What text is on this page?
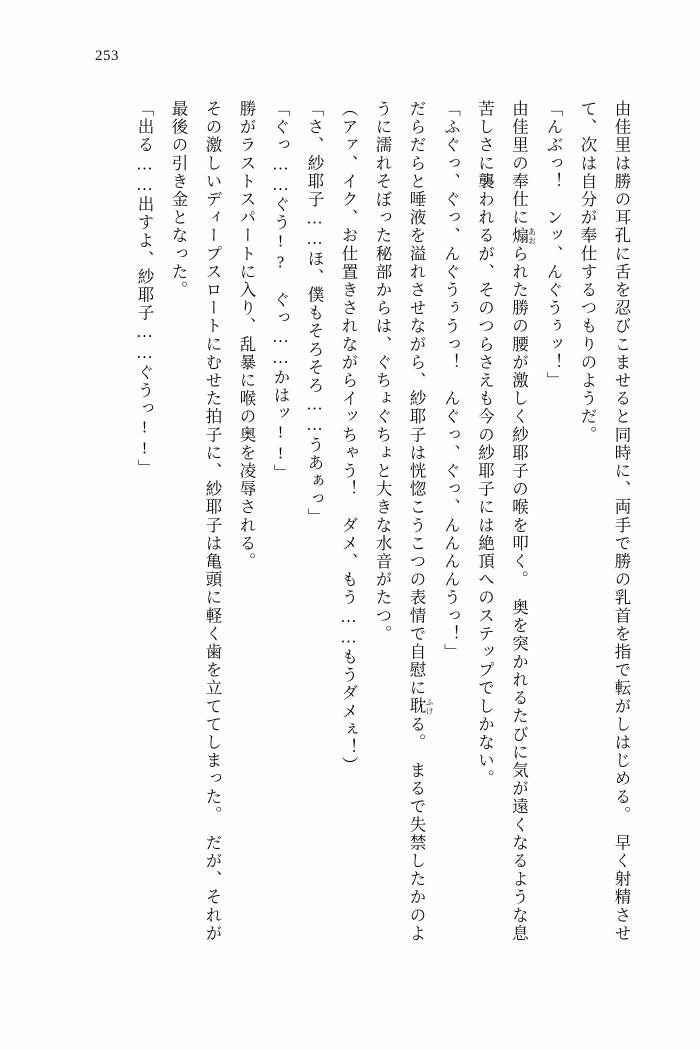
253

由佳里は勝の耳孔に舌を忍びこませると同時に、両手で勝の乳首を指で転がしはじめる。　早く射精させて、次は自分が奉仕するつもりのようだ。

「んぶっ！　ンッ、んぐうぅッ！」

由佳里の奉仕に煽 あおられた勝の腰が激しく紗耶子の喉を叩く。　奥を突かれるたびに気が遠くなるような息苦しさに襲われるが、そのつらさえも今の紗耶子には絶頂へのステップでしかない。

「ふぐっ、ぐっ、んぐうぅうっ！　んぐっ、ぐっ、んんんんうっ！」

だらだらと唾液を溢れさせながら、紗耶子は恍惚こうこつの表情で自慰に耽 ふける。　まるで失禁したかのように濡れそぼった秘部からは、ぐちょぐちょと大きな水音がたつ。

（アァ、イク、お仕置きされながらイッちゃう！　ダメ、もう……もうダメぇ！）

「さ、紗耶子……ほ、僕もそろそろ……うあぁっ」

「ぐっ……ぐう!?　ぐっ……かはッ!!」

勝がラストスパートに入り、乱暴に喉の奥を凌辱される。

その激しいディープスロートにむせた拍子に、紗耶子は亀頭に軽く歯を立ててしまった。　だが、それが最後の引き金となった。

「出る……出すよ、紗耶子……ぐうっ!!」
